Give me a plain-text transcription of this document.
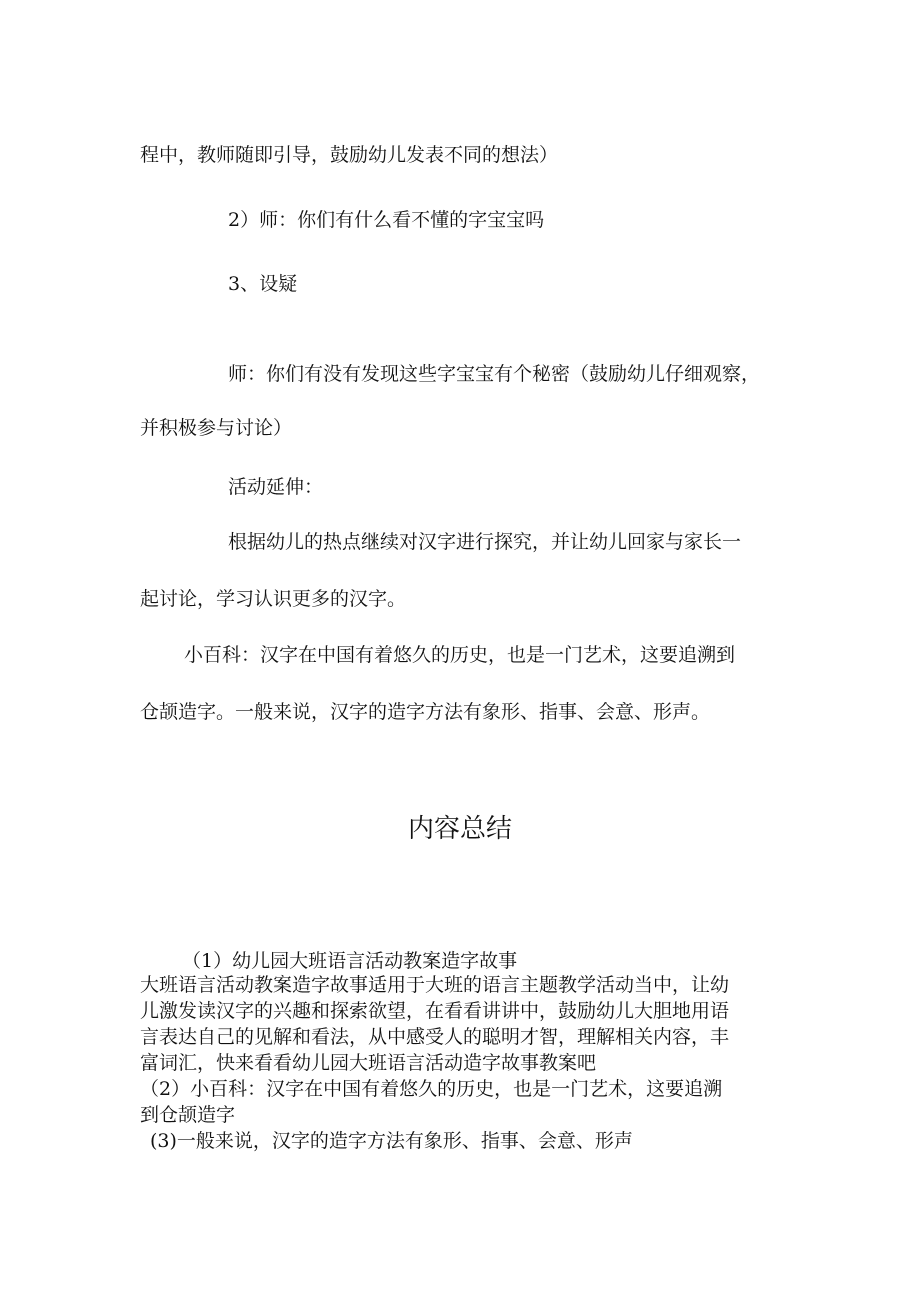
程中，教师随即引导，鼓励幼儿发表不同的想法）
2）师：你们有什么看不懂的字宝宝吗
3、设疑
师：你们有没有发现这些字宝宝有个秘密（鼓励幼儿仔细观察，
并积极参与讨论）
活动延伸：
根据幼儿的热点继续对汉字进行探究，并让幼儿回家与家长一
起讨论，学习认识更多的汉字。
小百科：汉字在中国有着悠久的历史，也是一门艺术，这要追溯到
仓颉造字。一般来说，汉字的造字方法有象形、指事、会意、形声。
内容总结
（1）幼儿园大班语言活动教案造字故事
大班语言活动教案造字故事适用于大班的语言主题教学活动当中，让幼
儿激发读汉字的兴趣和探索欲望，在看看讲讲中，鼓励幼儿大胆地用语
言表达自己的见解和看法，从中感受人的聪明才智，理解相关内容，丰
富词汇，快来看看幼儿园大班语言活动造字故事教案吧
（2）小百科：汉字在中国有着悠久的历史，也是一门艺术，这要追溯
到仓颉造字
(3)一般来说，汉字的造字方法有象形、指事、会意、形声
